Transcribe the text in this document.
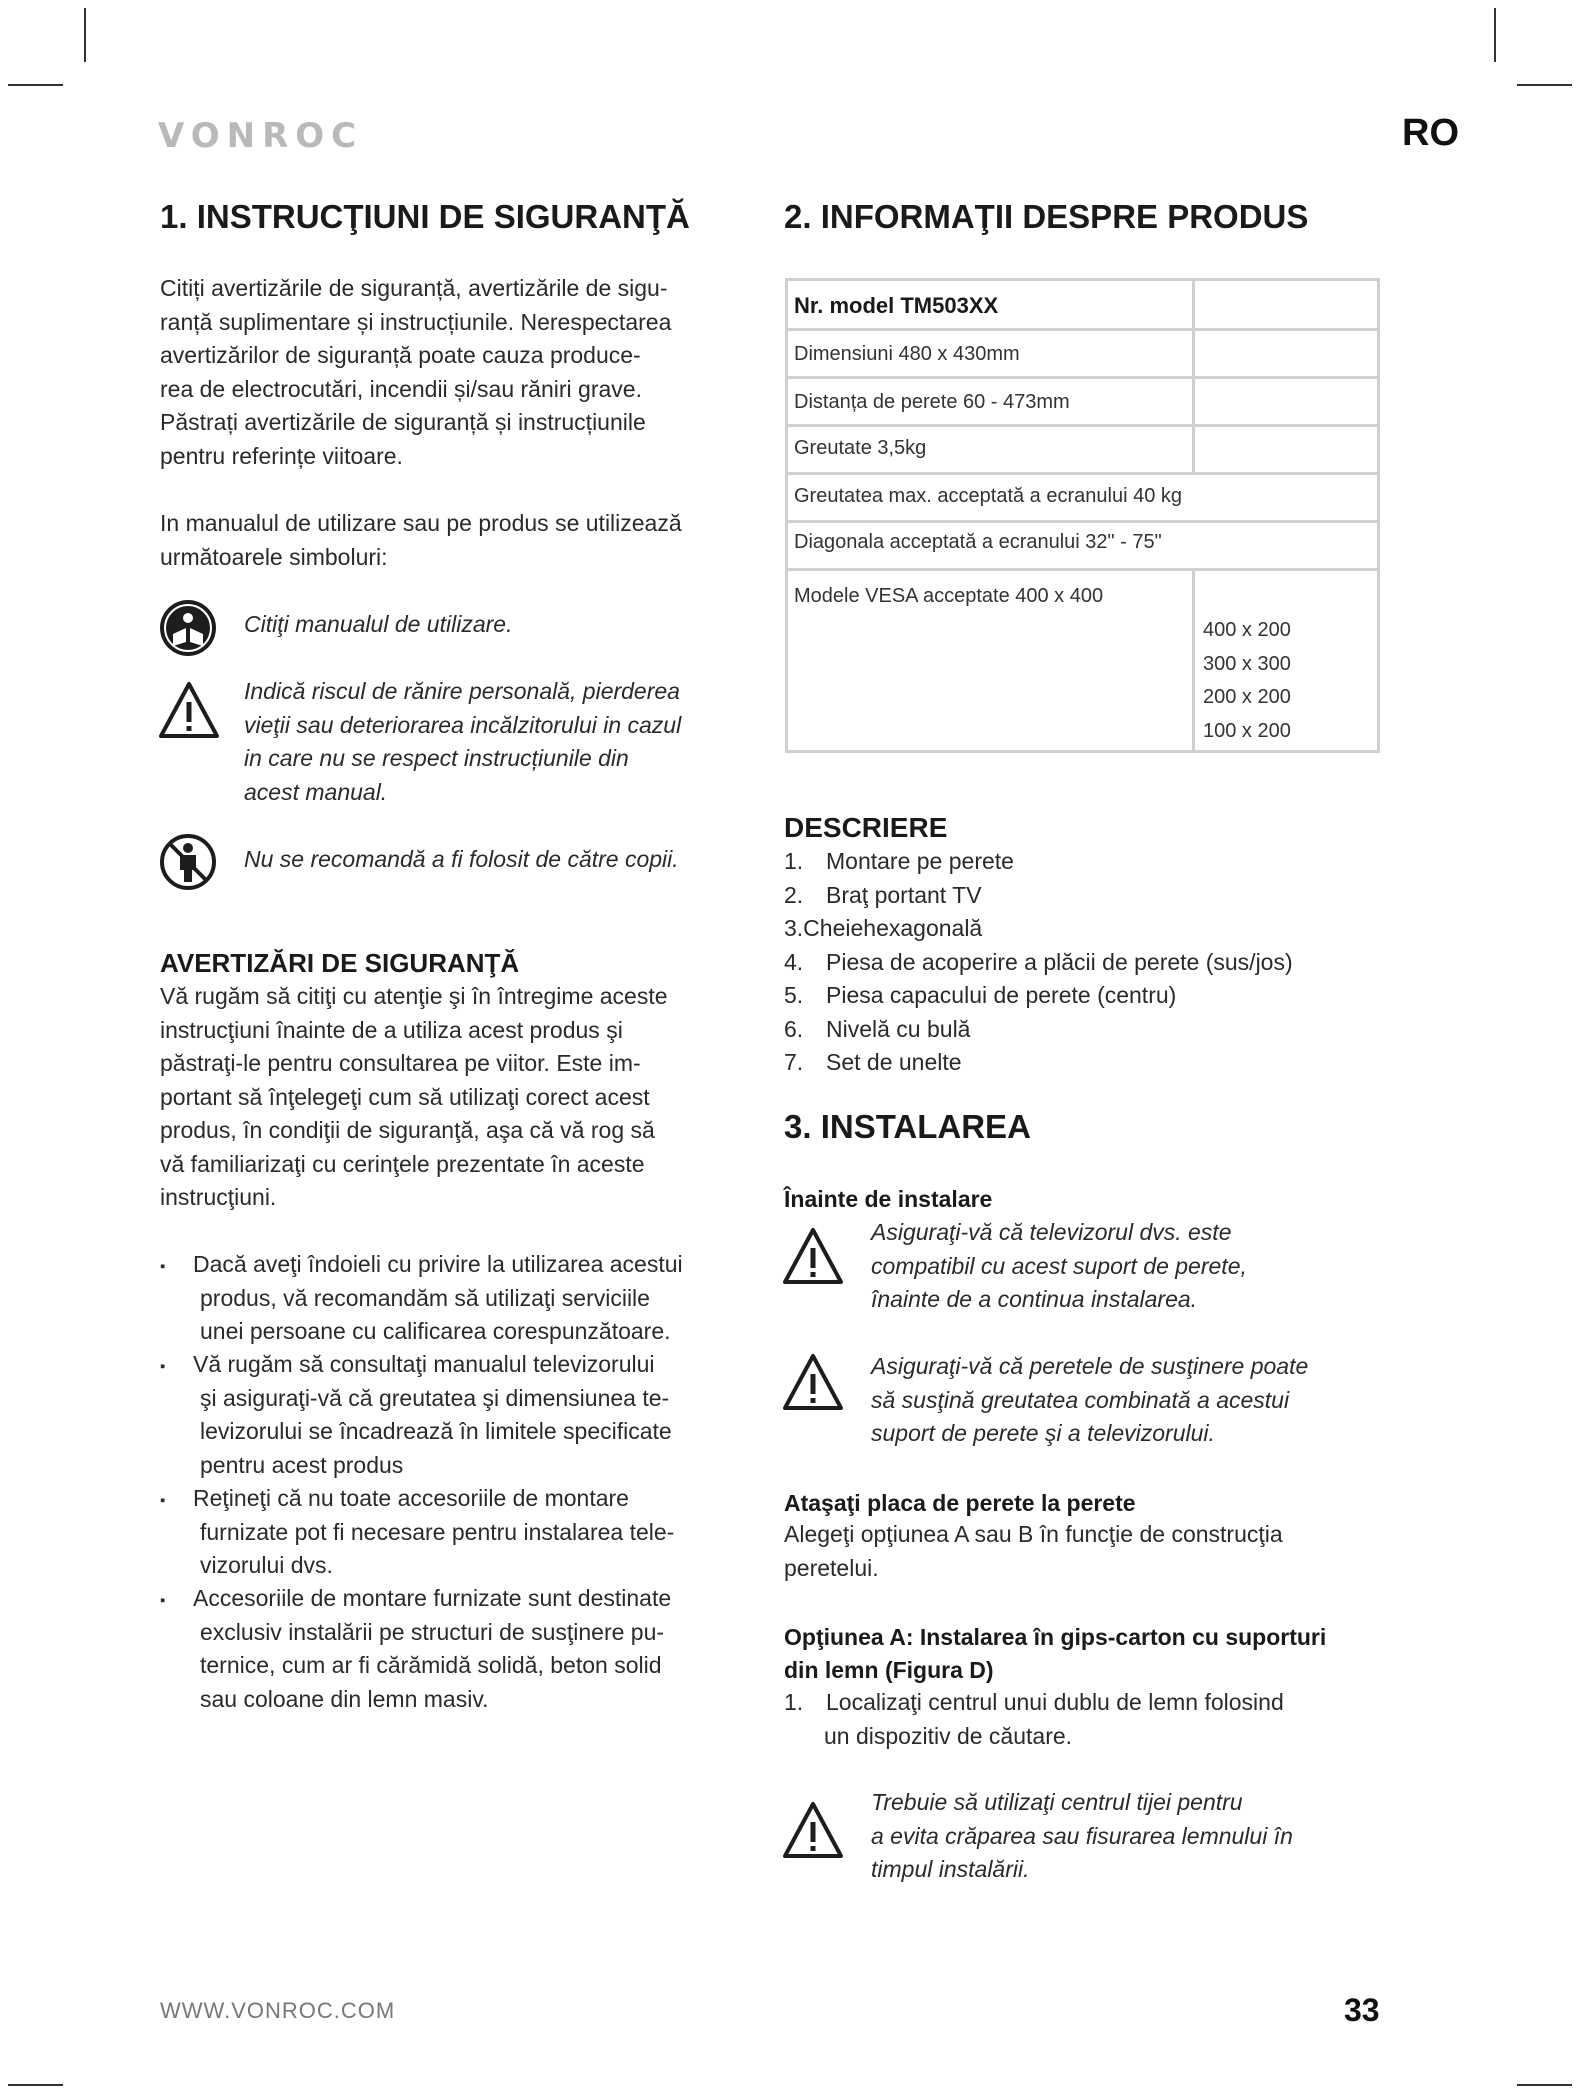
VONROC	RO
1. INSTRUCŢIUNI DE SIGURANŢĂ

Citiți avertizările de siguranță, avertizările de sigu-

ranță suplimentare și instrucțiunile. Nerespectarea

avertizărilor de siguranță poate cauza producе-

rea de electrocutări, incendii și/sau răniri grave.

Păstrați avertizările de siguranță și instrucțiunile

pentru referințe viitoare.

In manualul de utilizare sau pe produs se utilizează

următoarele simboluri:

Citiţi manualul de utilizare.

Indică riscul de rănire personală, pierderea

vieţii sau deteriorarea incălzitorului in cazul

in care nu se respect instrucțiunile din

acest manual.

Nu se recomandă a fi folosit de către copii.

AVERTIZĂRI DE SIGURANŢĂ

Vă rugăm să citiţi cu atenţie şi în întregime aceste

instrucţiuni înainte de a utiliza acest produs şi

păstraţi-le pentru consultarea pe viitor. Este im-

portant să înţelegeţi cum să utilizaţi corect acest

produs, în condiţii de siguranţă, aşa că vă rog să

vă familiarizaţi cu cerinţele prezentate în aceste

instrucţiuni.

▪ Dacă aveţi îndoieli cu privire la utilizarea acestui

produs, vă recomandăm să utilizaţi serviciile

unei persoane cu calificarea corespunzătoare.

▪ Vă rugăm să consultaţi manualul televizorului

şi asiguraţi-vă că greutatea şi dimensiunea te-

levizorului se încadrează în limitele specificate

pentru acest produs

▪ Reţineţi că nu toate accesoriile de montare

furnizate pot fi necesare pentru instalarea tele-

vizorului dvs.

▪ Accesoriile de montare furnizate sunt destinate

exclusiv instalării pe structuri de susţinere pu-

ternice, cum ar fi cărămidă solidă, beton solid

sau coloane din lemn masiv.

2. INFORMAŢII DESPRE PRODUS
Nr. model TM503XX	
Dimensiuni 480 x 430mm	
Distanța de perete 60 - 473mm	
Greutate 3,5kg	
Greutatea max. acceptată a ecranului 40 kg	
Diagonala acceptată a ecranului 32" - 75"	
Modele VESA acceptate 400 x 400	400 x 200
300 x 300
200 x 200
100 x 200
DESCRIERE
1. Montare pe perete
2. Braţ portant TV
3.Cheiehexagonală
4. Piesa de acoperire a plăcii de perete (sus/jos)
5. Piesa capacului de perete (centru)
6. Nivelă cu bulă
7. Set de unelte
3. INSTALAREA
Înainte de instalare

Asiguraţi-vă că televizorul dvs. este

compatibil cu acest suport de perete,

înainte de a continua instalarea.

Asiguraţi-vă că peretele de susţinere poate

să susţină greutatea combinată a acestui

suport de perete şi a televizorului.

Ataşaţi placa de perete la perete

Alegeţi opţiunea A sau B în funcţie de construcţia

peretelui.

Opţiunea A: Instalarea în gips-carton cu suporturi
din lemn (Figura D)

1. Localizaţi centrul unui dublu de lemn folosind

un dispozitiv de căutare.

Trebuie să utilizaţi centrul tijei pentru

a evita crăparea sau fisurarea lemnului în

timpul instalării.

WWW.VONROC.COM	33
